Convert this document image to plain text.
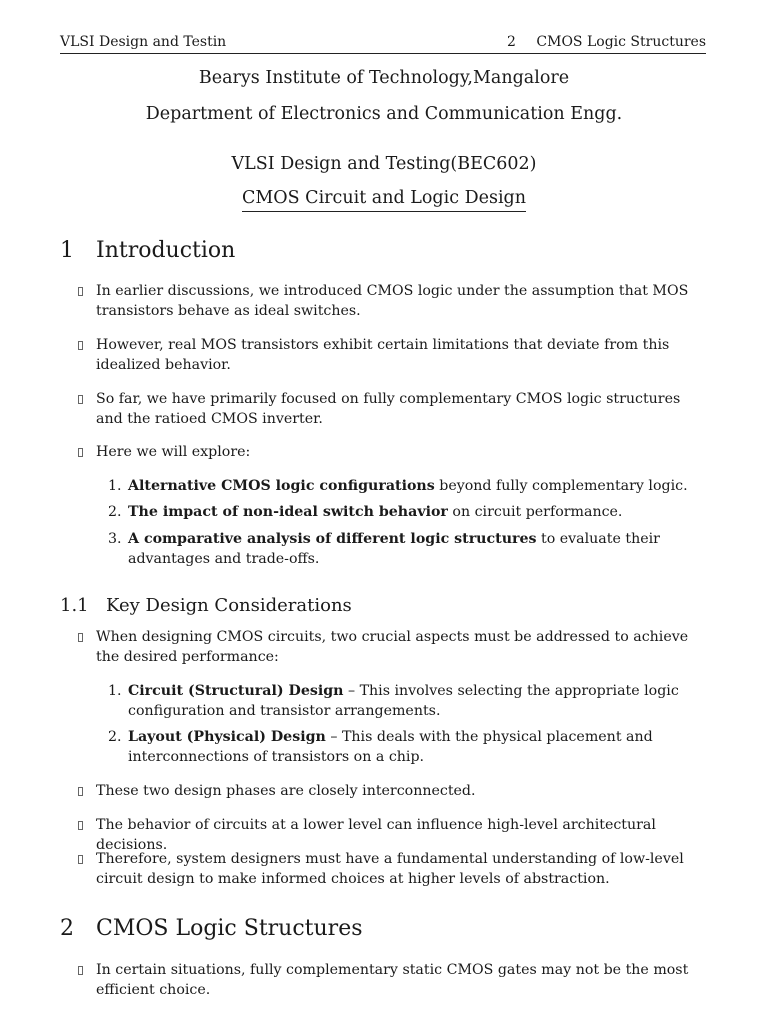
VLSI Design and Testin	2 CMOS Logic Structures
Bearys Institute of Technology,Mangalore
Department of Electronics and Communication Engg.
VLSI Design and Testing(BEC602)
CMOS Circuit and Logic Design
1 Introduction
In earlier discussions, we introduced CMOS logic under the assumption that MOS transistors behave as ideal switches.
However, real MOS transistors exhibit certain limitations that deviate from this idealized behavior.
So far, we have primarily focused on fully complementary CMOS logic structures and the ratioed CMOS inverter.
Here we will explore:
1. Alternative CMOS logic configurations beyond fully complementary logic.
2. The impact of non-ideal switch behavior on circuit performance.
3. A comparative analysis of different logic structures to evaluate their advantages and trade-offs.
1.1 Key Design Considerations
When designing CMOS circuits, two crucial aspects must be addressed to achieve the desired performance:
1. Circuit (Structural) Design – This involves selecting the appropriate logic configuration and transistor arrangements.
2. Layout (Physical) Design – This deals with the physical placement and interconnections of transistors on a chip.
These two design phases are closely interconnected.
The behavior of circuits at a lower level can influence high-level architectural decisions.
Therefore, system designers must have a fundamental understanding of low-level circuit design to make informed choices at higher levels of abstraction.
2 CMOS Logic Structures
In certain situations, fully complementary static CMOS gates may not be the most efficient choice.
